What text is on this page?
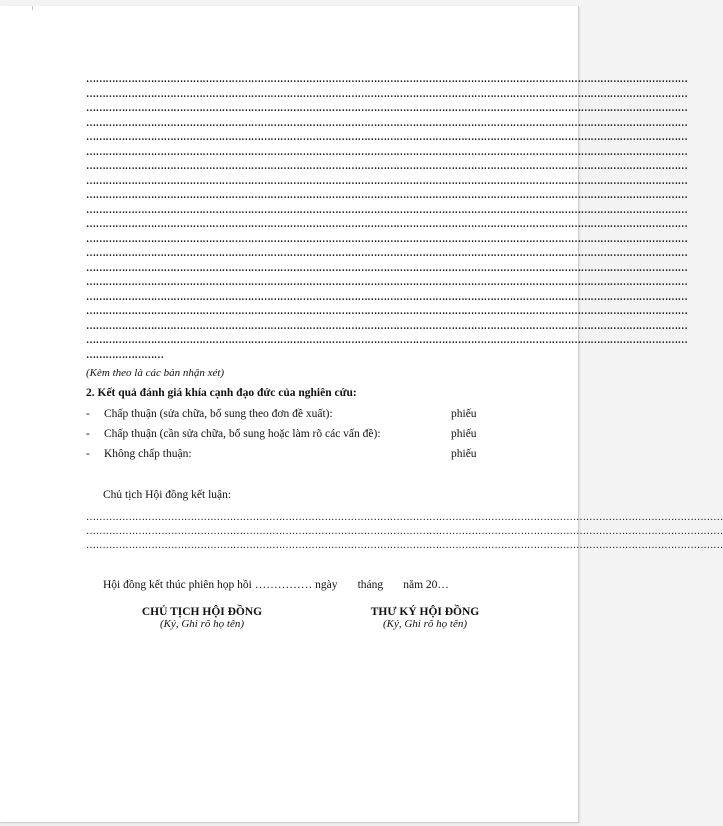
……………………………………………………………………………………………………………………………………………………………………
……………………………………………………………………………………………………………………………………………………………………
……………………………………………………………………………………………………………………………………………………………………
……………………………………………………………………………………………………………………………………………………………………
……………………………………………………………………………………………………………………………………………………………………
……………………………………………………………………………………………………………………………………………………………………
……………………………………………………………………………………………………………………………………………………………………
……………………………………………………………………………………………………………………………………………………………………
……………………………………………………………………………………………………………………………………………………………………
……………………………………………………………………………………………………………………………………………………………………
……………………………………………………………………………………………………………………………………………………………………
……………………………………………………………………………………………………………………………………………………………………
……………………………………………………………………………………………………………………………………………………………………
……………………………………………………………………………………………………………………………………………………………………
……………………………………………………………………………………………………………………………………………………………………
……………………………………………………………………………………………………………………………………………………………………
……………………………………………………………………………………………………………………………………………………………………
……………………………………………………………………………………………………………………………………………………………………
……………………………………………………………………………………………………………………………………………………………………
……………………
(Kèm theo là các bản nhận xét)
2. Kết quả đánh giá khía cạnh đạo đức của nghiên cứu:
- Chấp thuận (sửa chữa, bổ sung theo đơn đề xuất):	phiếu
- Chấp thuận (cần sửa chữa, bổ sung hoặc làm rõ các vấn đề):	phiếu
- Không chấp thuận:	phiếu
Chủ tịch Hội đồng kết luận:
……………………………………………………………………………………………………………………………………………………………………………
……………………………………………………………………………………………………………………………………………………………………………
……………………………………………………………………………………………………………………………………………………………………………
Hội đồng kết thúc phiên họp hồi …………… ngày       tháng       năm 20…
CHỦ TỊCH HỘI ĐỒNG
(Ký, Ghi rõ họ tên)
THƯ KÝ HỘI ĐỒNG
(Ký, Ghi rõ họ tên)
